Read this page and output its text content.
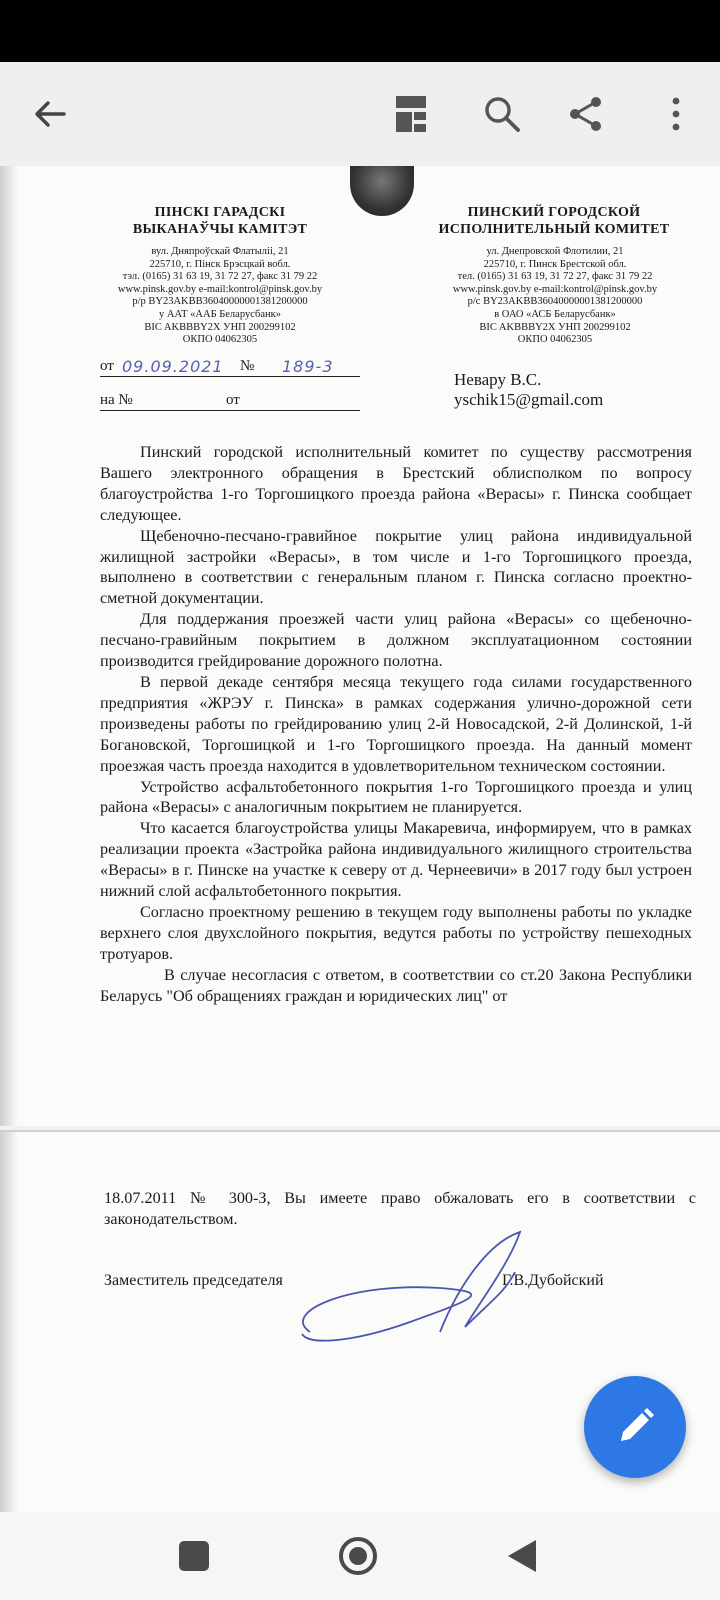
ПІНСКІ ГАРАДСКІ
ВЫКАНАЎЧЫ КАМІТЭТ
ПИНСКИЙ ГОРОДСКОЙ
ИСПОЛНИТЕЛЬНЫЙ КОМИТЕТ
вул. Дняпроўскай Флатыліі, 21
225710, г. Пінск Брэсцкай вобл.
тэл. (0165) 31 63 19, 31 72 27, факс 31 79 22
www.pinsk.gov.by e-mail:kontrol@pinsk.gov.by
р/р BY23AKBB36040000001381200000
у ААТ «ААБ Беларусбанк»
BIC AKBBBY2X УНП 200299102
ОКПО 04062305
ул. Днепровской Флотилии, 21
225710, г. Пинск Брестской обл.
тел. (0165) 31 63 19, 31 72 27, факс 31 79 22
www.pinsk.gov.by e-mail:kontrol@pinsk.gov.by
р/с BY23AKBB36040000001381200000
в ОАО «АСБ Беларусбанк»
BIC AKBBBY2X УНП 200299102
ОКПО 04062305
от 09.09.2021 № 189-3
на №	от
Невару В.С.
yschik15@gmail.com

Пинский городской исполнительный комитет по существу рассмотрения Вашего электронного обращения в Брестский облисполком по вопросу благоустройства 1-го Торгошицкого проезда района «Верасы» г. Пинска сообщает следующее.

Щебеночно-песчано-гравийное покрытие улиц района индивидуальной жилищной застройки «Верасы», в том числе и 1-го Торгошицкого проезда, выполнено в соответствии с генеральным планом г. Пинска согласно проектно-сметной документации.

Для поддержания проезжей части улиц района «Верасы» со щебеночно-песчано-гравийным покрытием в должном эксплуатационном состоянии производится грейдирование дорожного полотна.

В первой декаде сентября месяца текущего года силами государственного предприятия «ЖРЭУ г. Пинска» в рамках содержания улично-дорожной сети произведены работы по грейдированию улиц 2-й Новосадской, 2-й Долинской, 1-й Богановской, Торгошицкой и 1-го Торгошицкого проезда. На данный момент проезжая часть проезда находится в удовлетворительном техническом состоянии.

Устройство асфальтобетонного покрытия 1-го Торгошицкого проезда и улиц района «Верасы» с аналогичным покрытием не планируется.

Что касается благоустройства улицы Макаревича, информируем, что в рамках реализации проекта «Застройка района индивидуального жилищного строительства «Верасы» в г. Пинске на участке к северу от д. Чернеевичи» в 2017 году был устроен нижний слой асфальтобетонного покрытия.

Согласно проектному решению в текущем году выполнены работы по укладке верхнего слоя двухслойного покрытия, ведутся работы по устройству пешеходных тротуаров.

В случае несогласия с ответом, в соответствии со ст.20 Закона Республики Беларусь "Об обращениях граждан и юридических лиц" от

18.07.2011 № 300-З, Вы имеете право обжаловать его в соответствии с законодательством.
Заместитель председателя	Г.В.Дубойский
